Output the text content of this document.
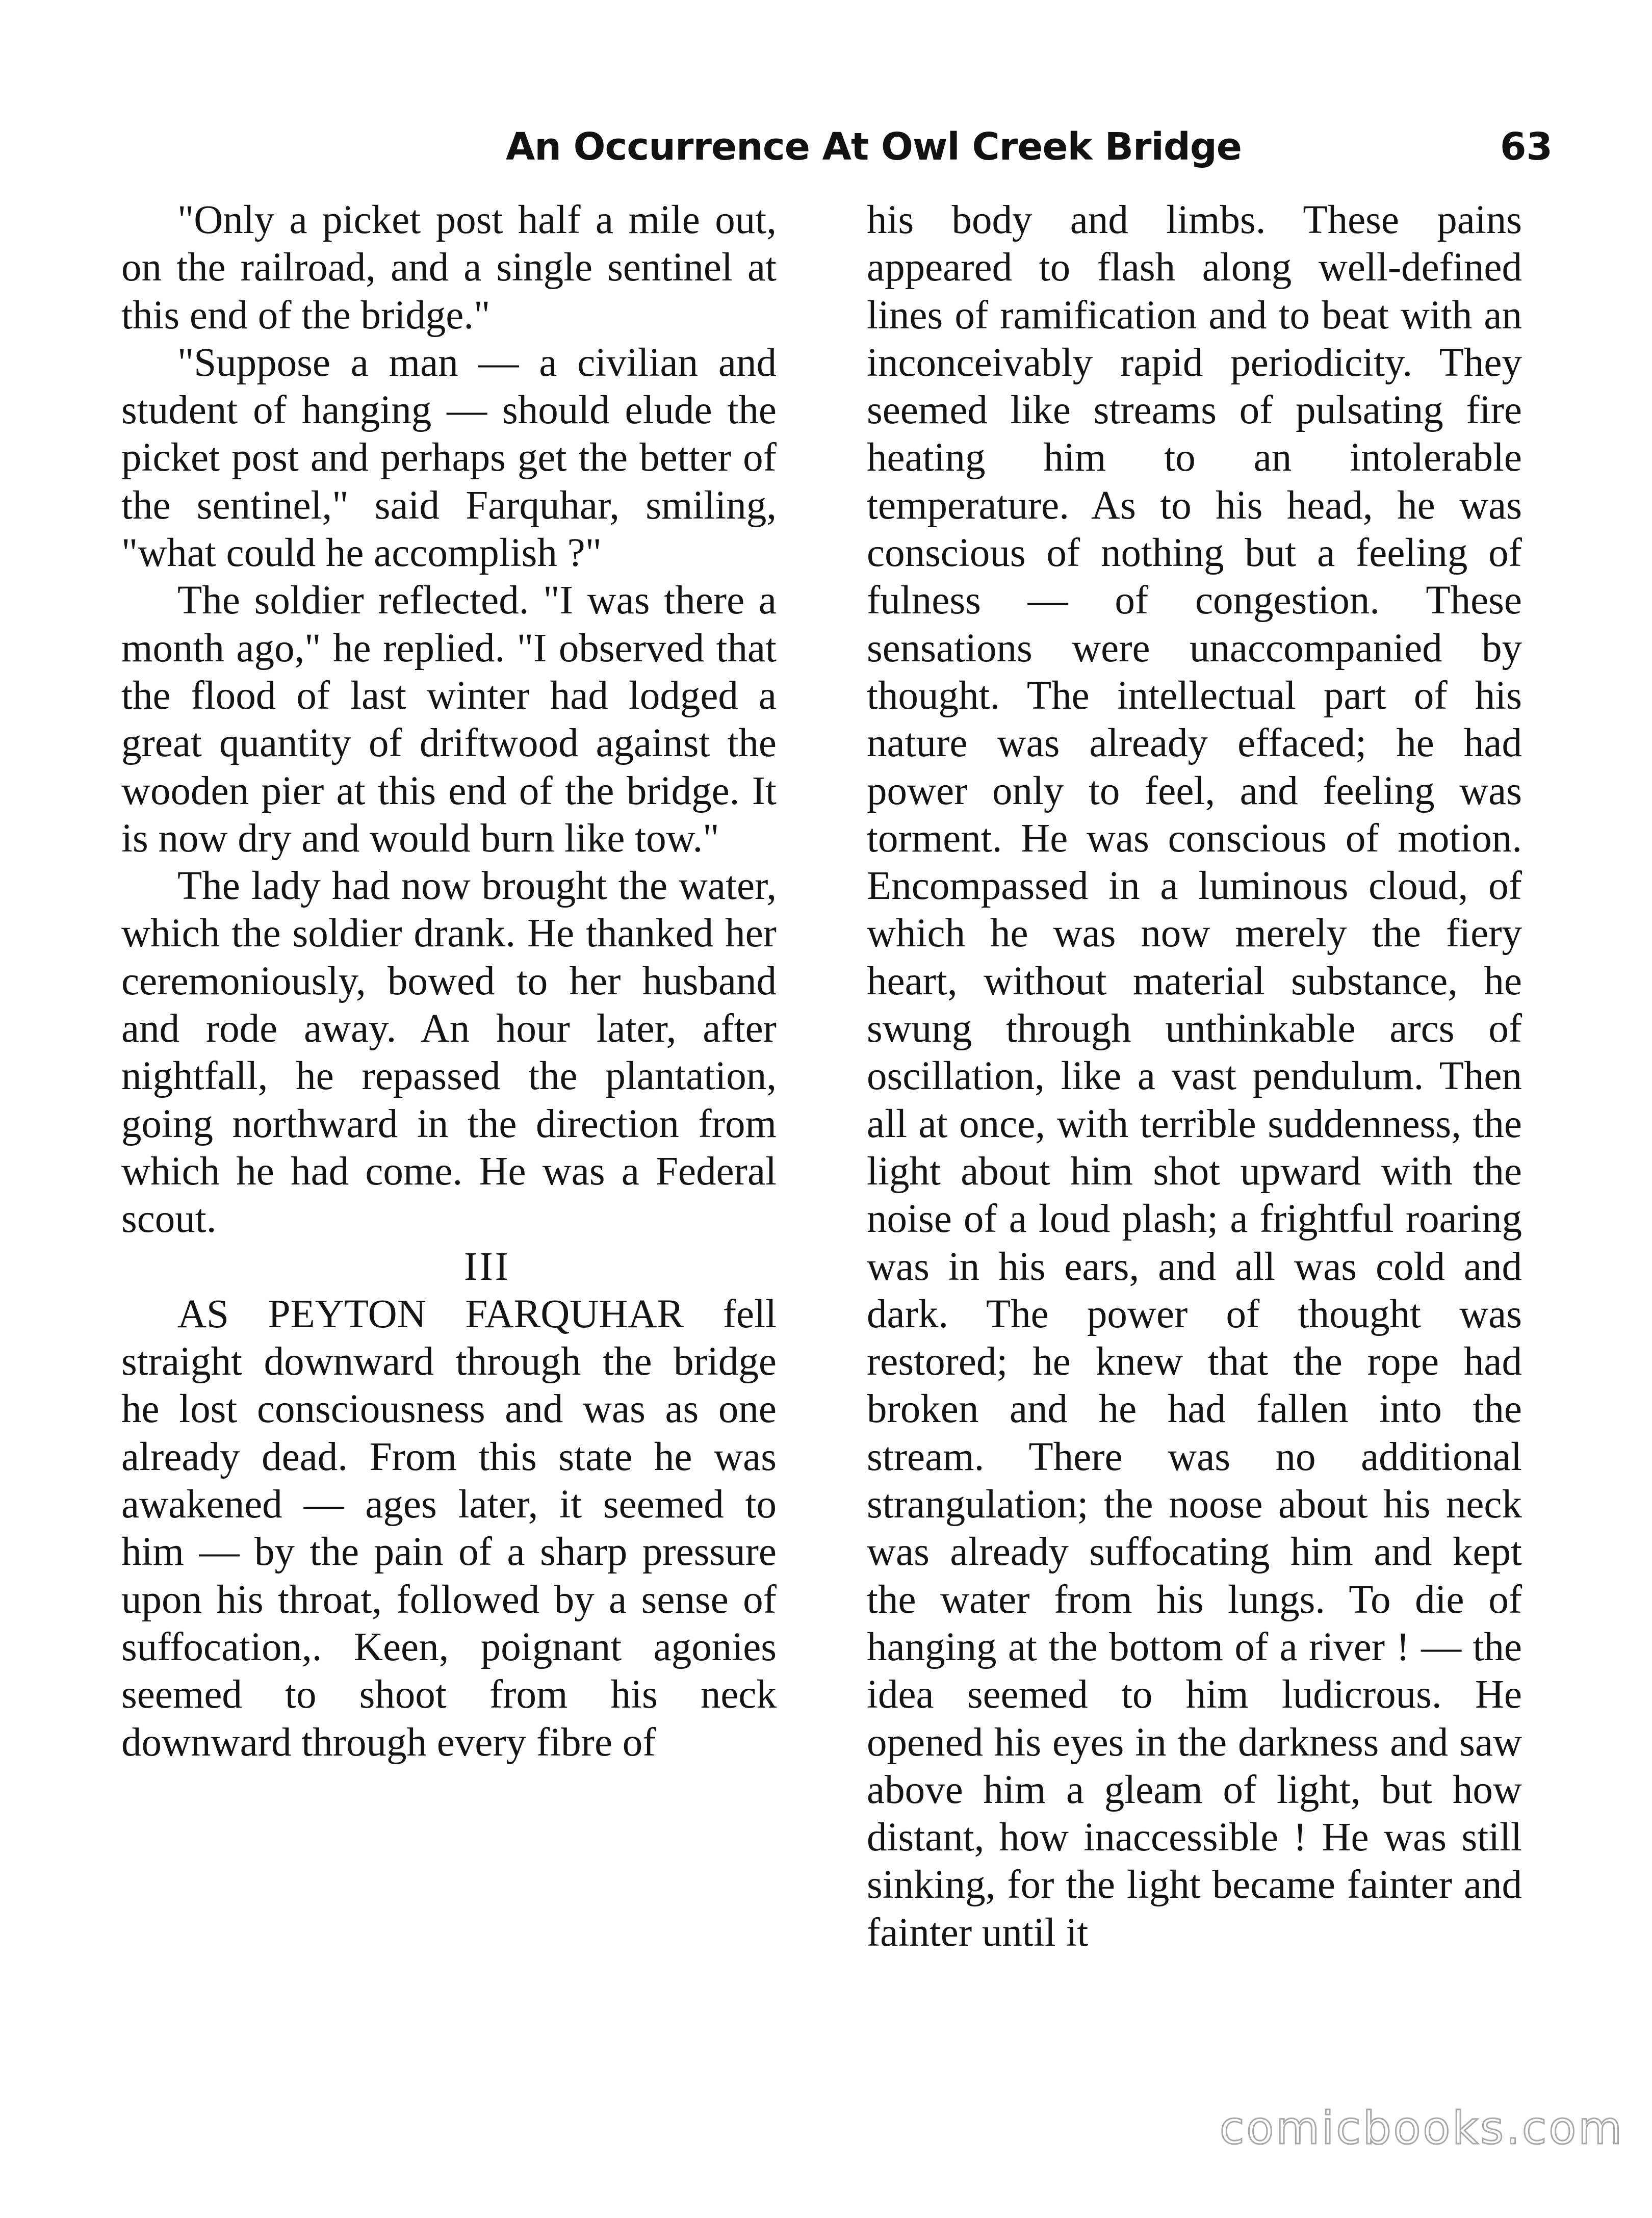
An Occurrence At Owl Creek Bridge	63

"Only a picket post half a mile out, on the railroad, and a single sentinel at this end of the bridge."

"Suppose a man — a civilian and student of hanging — should elude the picket post and perhaps get the better of the sentinel," said Farquhar, smiling, "what could he accomplish ?"

The soldier reflected. "I was there a month ago," he replied. "I observed that the flood of last winter had lodged a great quantity of driftwood against the wooden pier at this end of the bridge. It is now dry and would burn like tow."

The lady had now brought the water, which the soldier drank. He thanked her ceremoniously, bowed to her husband and rode away. An hour later, after nightfall, he repassed the plantation, going northward in the direction from which he had come. He was a Federal scout.

III

AS PEYTON FARQUHAR fell straight downward through the bridge he lost consciousness and was as one already dead. From this state he was awakened — ages later, it seemed to him — by the pain of a sharp pressure upon his throat, followed by a sense of suffocation,. Keen, poignant agonies seemed to shoot from his neck downward through every fibre of

his body and limbs. These pains appeared to flash along well-defined lines of ramification and to beat with an inconceivably rapid periodicity. They seemed like streams of pulsating fire heating him to an intolerable temperature. As to his head, he was conscious of nothing but a feeling of fulness — of congestion. These sensations were unaccompanied by thought. The intellectual part of his nature was already effaced; he had power only to feel, and feeling was torment. He was conscious of motion. Encompassed in a luminous cloud, of which he was now merely the fiery heart, without material substance, he swung through unthinkable arcs of oscillation, like a vast pendulum. Then all at once, with terrible suddenness, the light about him shot upward with the noise of a loud plash; a frightful roaring was in his ears, and all was cold and dark. The power of thought was restored; he knew that the rope had broken and he had fallen into the stream. There was no additional strangulation; the noose about his neck was already suffocating him and kept the water from his lungs. To die of hanging at the bottom of a river ! — the idea seemed to him ludicrous. He opened his eyes in the darkness and saw above him a gleam of light, but how distant, how inaccessible ! He was still sinking, for the light became fainter and fainter until it

comicbooks.com
